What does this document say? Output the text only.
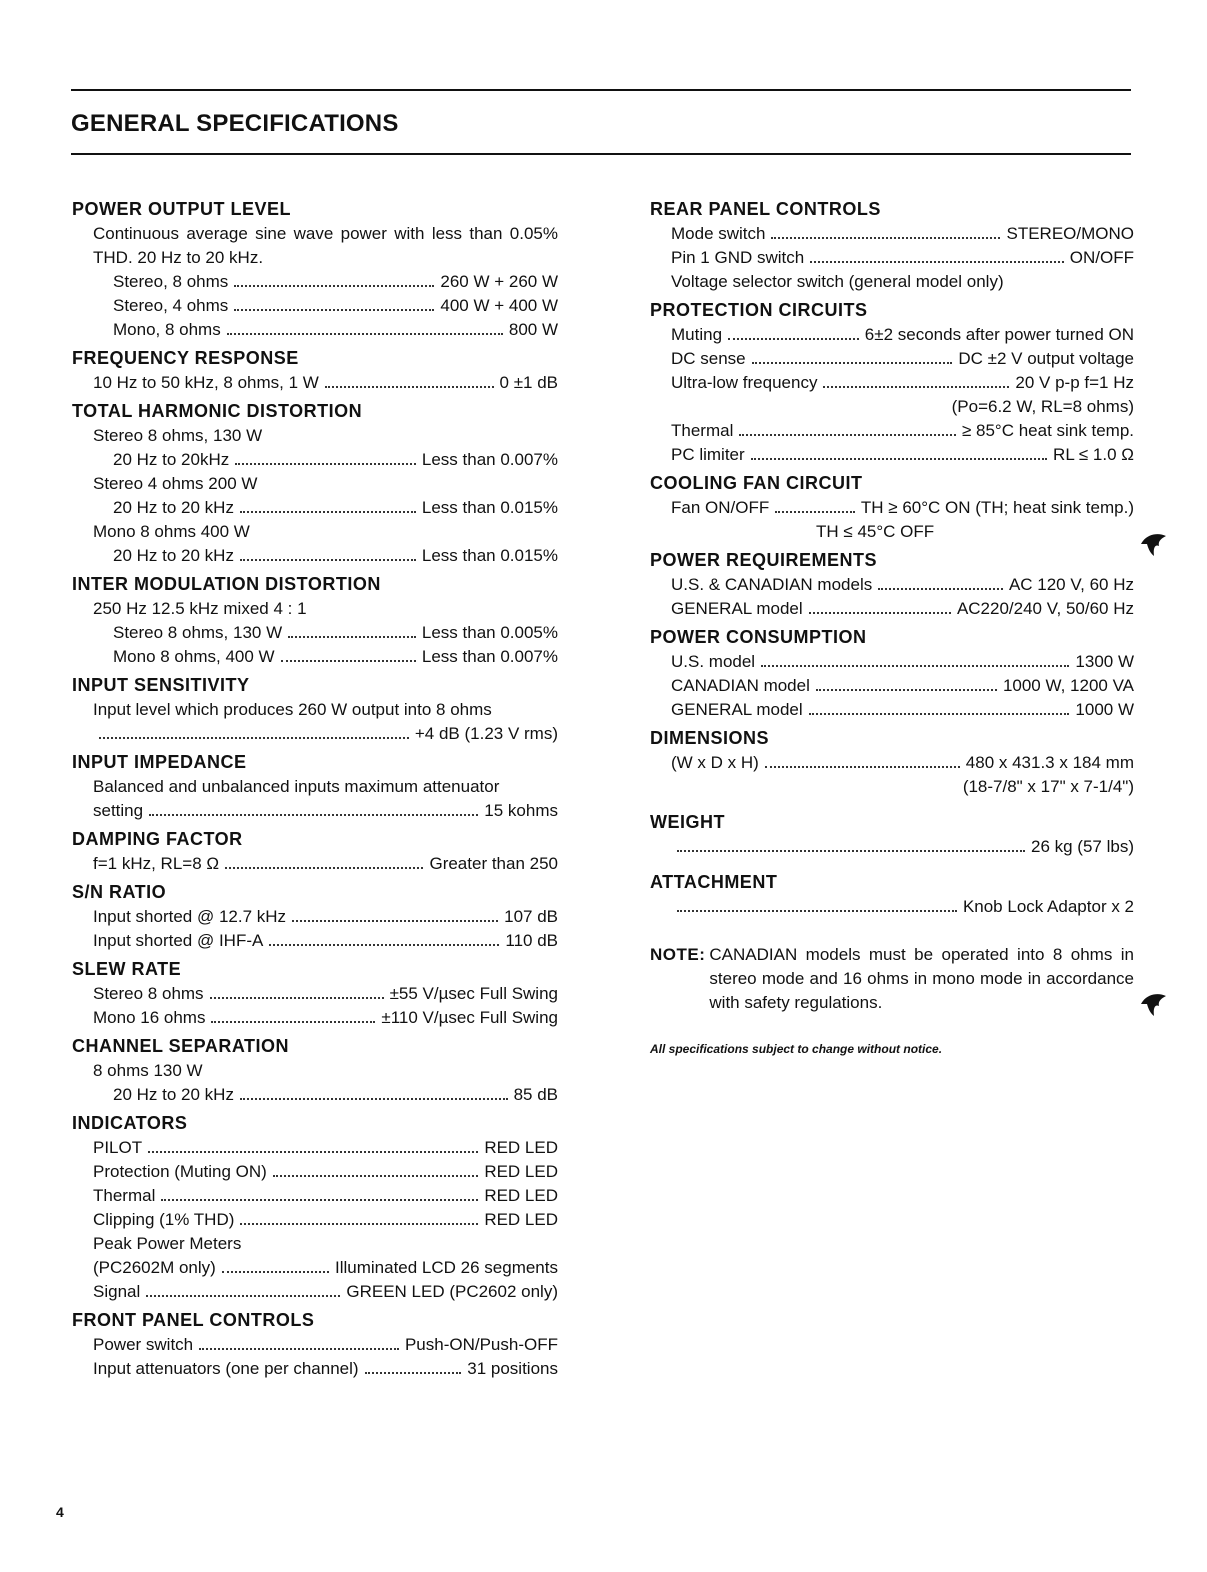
GENERAL SPECIFICATIONS
POWER OUTPUT LEVEL
Continuous average sine wave power with less than 0.05% THD. 20 Hz to 20 kHz.
Stereo, 8 ohms	260 W + 260 W
Stereo, 4 ohms	400 W + 400 W
Mono, 8 ohms	800 W
FREQUENCY RESPONSE
10 Hz to 50 kHz, 8 ohms, 1 W	0 ±1 dB
TOTAL HARMONIC DISTORTION
Stereo 8 ohms, 130 W
20 Hz to 20kHz	Less than 0.007%
Stereo 4 ohms 200 W
20 Hz to 20 kHz	Less than 0.015%
Mono 8 ohms 400 W
20 Hz to 20 kHz	Less than 0.015%
INTER MODULATION DISTORTION
250 Hz 12.5 kHz mixed 4 : 1
Stereo 8 ohms, 130 W	Less than 0.005%
Mono 8 ohms, 400 W	Less than 0.007%
INPUT SENSITIVITY
Input level which produces 260 W output into 8 ohms
+4 dB (1.23 V rms)
INPUT IMPEDANCE
Balanced and unbalanced inputs maximum attenuator
setting	15 kohms
DAMPING FACTOR
f=1 kHz, RL=8 Ω	Greater than 250
S/N RATIO
Input shorted @ 12.7 kHz	107 dB
Input shorted @ IHF-A	110 dB
SLEW RATE
Stereo 8 ohms	±55 V/µsec Full Swing
Mono 16 ohms	±110 V/µsec Full Swing
CHANNEL SEPARATION
8 ohms 130 W
20 Hz to 20 kHz	85 dB
INDICATORS
PILOT	RED LED
Protection (Muting ON)	RED LED
Thermal	RED LED
Clipping (1% THD)	RED LED
Peak Power Meters
(PC2602M only)	Illuminated LCD 26 segments
Signal	GREEN LED (PC2602 only)
FRONT PANEL CONTROLS
Power switch	Push-ON/Push-OFF
Input attenuators (one per channel)	31 positions
REAR PANEL CONTROLS
Mode switch	STEREO/MONO
Pin 1 GND switch	ON/OFF
Voltage selector switch (general model only)
PROTECTION CIRCUITS
Muting	6±2 seconds after power turned ON
DC sense	DC ±2 V output voltage
Ultra-low frequency	20 V p-p f=1 Hz
(Po=6.2 W, RL=8 ohms)
Thermal	≥ 85°C heat sink temp.
PC limiter	RL ≤ 1.0 Ω
COOLING FAN CIRCUIT
Fan ON/OFF	TH ≥ 60°C ON (TH; heat sink temp.)
TH ≤ 45°C OFF
POWER REQUIREMENTS
U.S. & CANADIAN models	AC 120 V, 60 Hz
GENERAL model	AC220/240 V, 50/60 Hz
POWER CONSUMPTION
U.S. model	1300 W
CANADIAN model	1000 W, 1200 VA
GENERAL model	1000 W
DIMENSIONS
(W x D x H)	480 x 431.3 x 184 mm
(18-7/8" x 17" x 7-1/4")
WEIGHT
26 kg (57 lbs)
ATTACHMENT
Knob Lock Adaptor x 2
NOTE: CANADIAN models must be operated into 8 ohms in stereo mode and 16 ohms in mono mode in accordance with safety regulations.
All specifications subject to change without notice.
4
